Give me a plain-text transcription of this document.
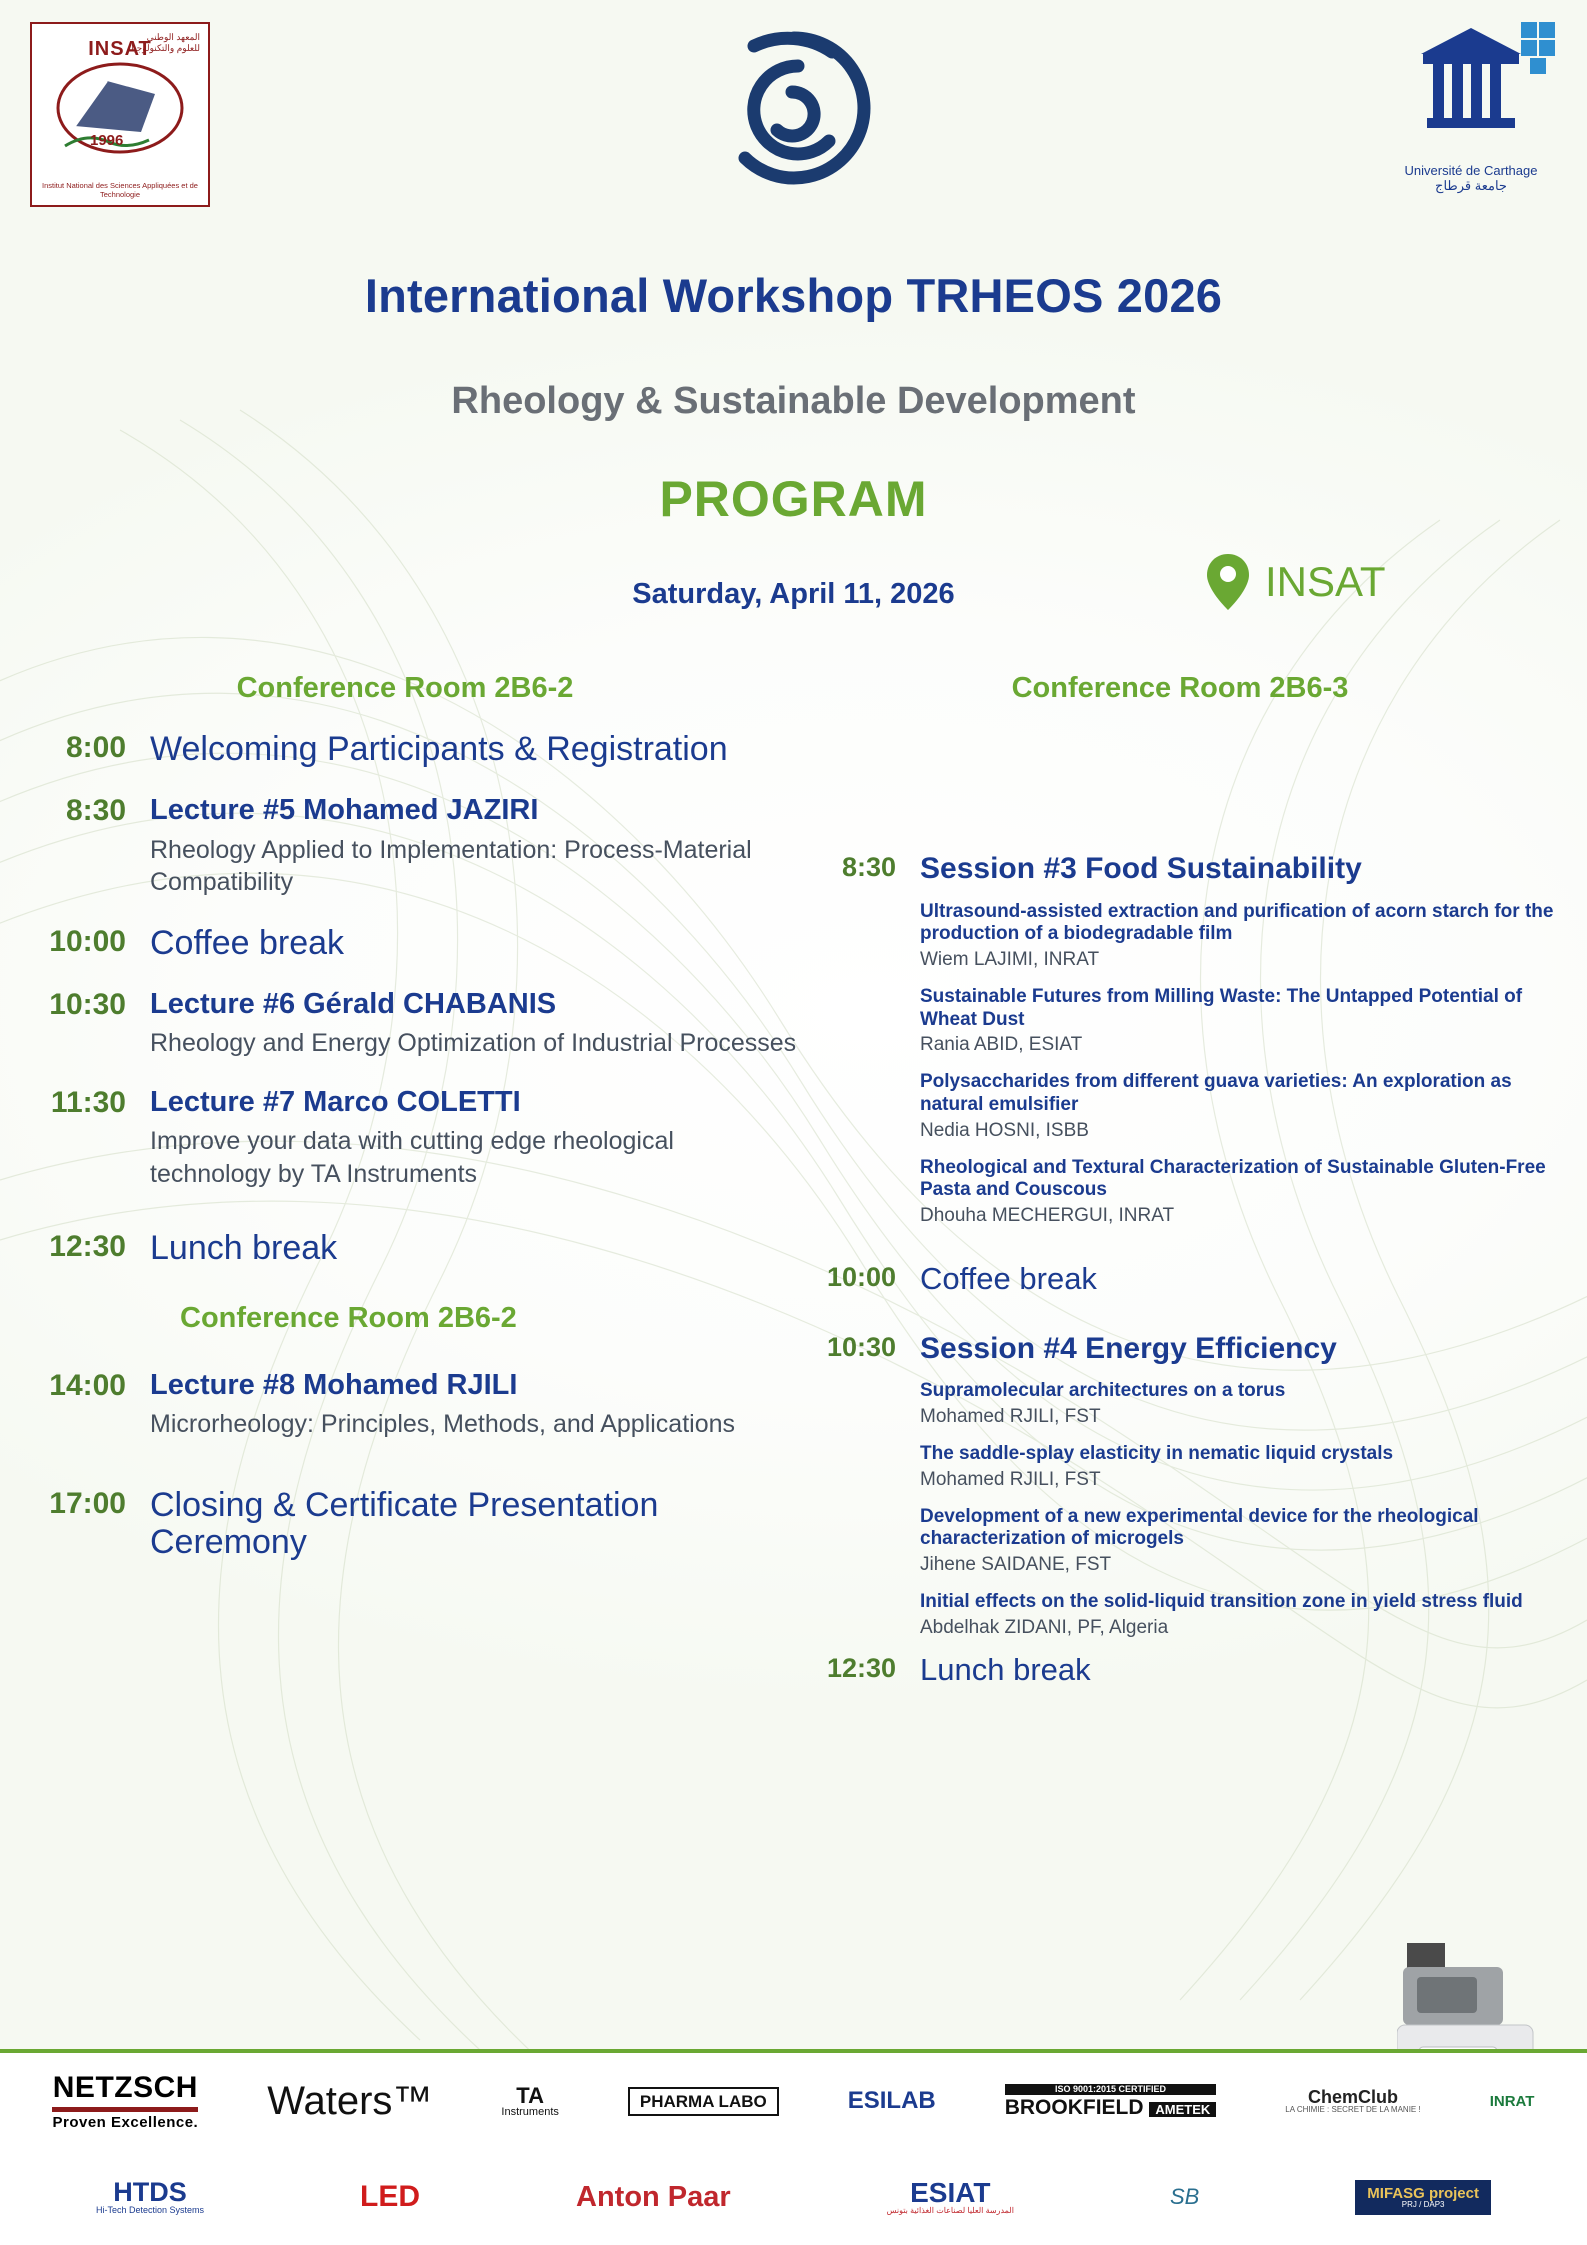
INSAT
المعهد الوطني للعلوم والتكنولوجيا
1996
Institut National des Sciences Appliquées et de Technologie
Université de Carthage
جامعة قرطاج
International Workshop TRHEOS 2026
Rheology & Sustainable Development
PROGRAM
Saturday, April 11, 2026	INSAT
Conference Room 2B6-2
8:00 Welcoming Participants & Registration
8:30 Lecture #5 Mohamed JAZIRI
Rheology Applied to Implementation: Process-Material Compatibility
10:00 Coffee break
10:30 Lecture #6 Gérald CHABANIS
Rheology and Energy Optimization of Industrial Processes
11:30 Lecture #7 Marco COLETTI
Improve your data with cutting edge rheological technology by TA Instruments
12:30 Lunch break
Conference Room 2B6-2
14:00 Lecture #8 Mohamed RJILI
Microrheology: Principles, Methods, and Applications
17:00 Closing & Certificate Presentation Ceremony
Conference Room 2B6-3
8:30 Session #3 Food Sustainability
Ultrasound-assisted extraction and purification of acorn starch for the production of a biodegradable film
Wiem LAJIMI, INRAT
Sustainable Futures from Milling Waste: The Untapped Potential of Wheat Dust
Rania ABID, ESIAT
Polysaccharides from different guava varieties: An exploration as natural emulsifier
Nedia HOSNI, ISBB
Rheological and Textural Characterization of Sustainable Gluten-Free Pasta and Couscous
Dhouha MECHERGUI, INRAT
10:00 Coffee break
10:30 Session #4 Energy Efficiency
Supramolecular architectures on a torus
Mohamed RJILI, FST
The saddle-splay elasticity in nematic liquid crystals
Mohamed RJILI, FST
Development of a new experimental device for the rheological characterization of microgels
Jihene SAIDANE, FST
Initial effects on the solid-liquid transition zone in yield stress fluid
Abdelhak ZIDANI, PF, Algeria
12:30 Lunch break
NETZSCH
Proven Excellence. Waters™	TA
Instruments
PHARMA LABO	ESILAB	ISO 9001:2015 CERTIFIED
BROOKFIELD AMETEK
ChemClub
LA CHIMIE : SECRET DE LA MANIE !	INRAT
HTDS
Hi-Tech Detection Systems	LED	Anton Paar	ESIAT
المدرسة العليا لصناعات الغذائية بتونس
SB	MIFASG project
PRJ / DAP3
